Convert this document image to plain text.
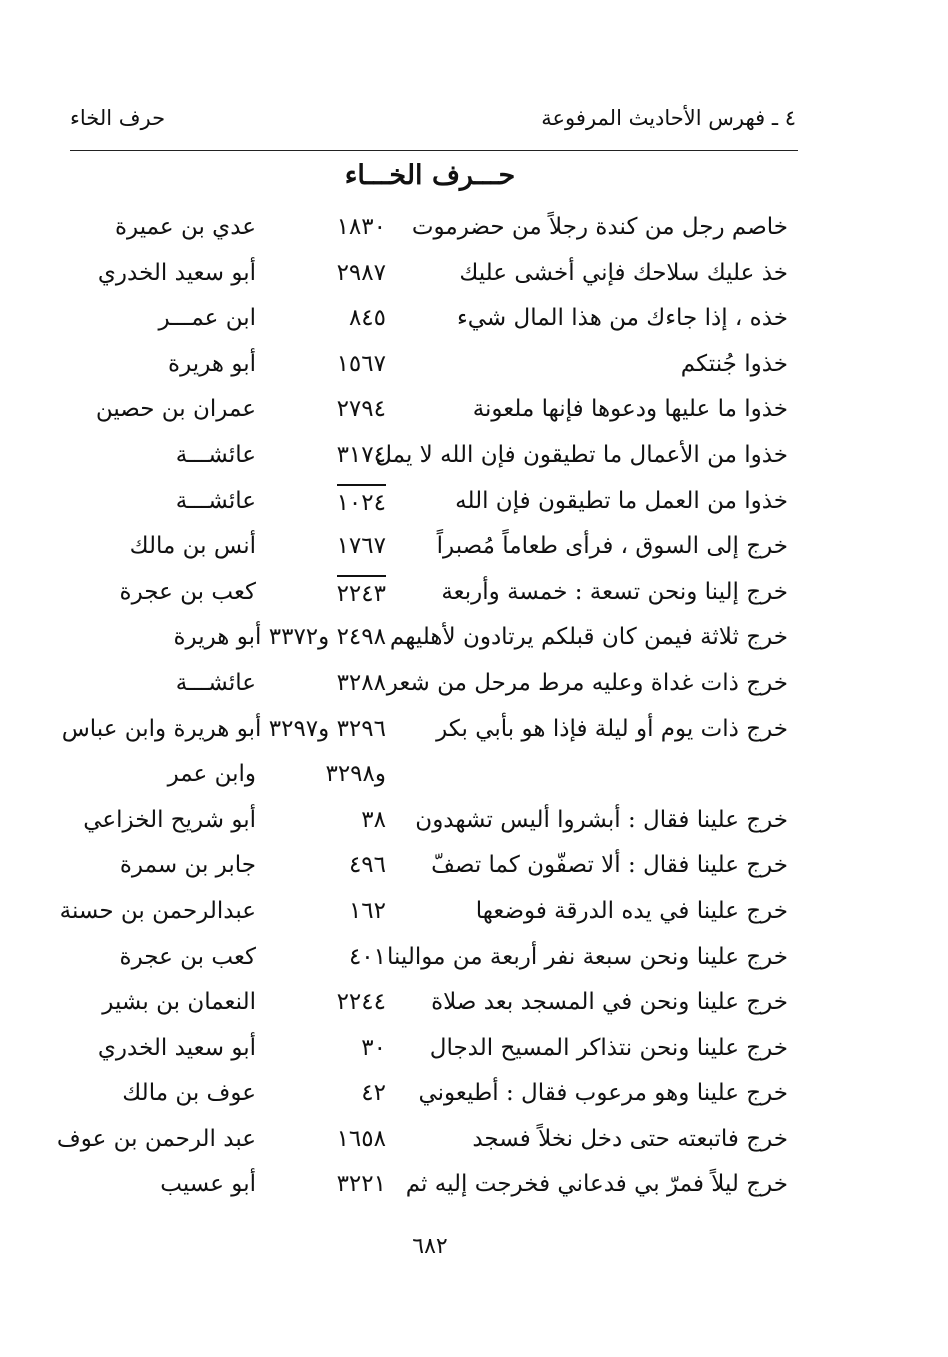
٤ ـ فهرس الأحاديث المرفوعة
حرف الخاء
حـــرف الخـــاء
خاصم رجل من كندة رجلاً من حضرموت
١٨٣٠
عدي بن عميرة
خذ عليك سلاحك فإني أخشى عليك
٢٩٨٧
أبو سعيد الخدري
خذه ، إذا جاءك من هذا المال شيء
٨٤٥
ابن عمـــر
خذوا جُنتكم
١٥٦٧
أبو هريرة
خذوا ما عليها ودعوها فإنها ملعونة
٢٧٩٤
عمران بن حصين
خذوا من الأعمال ما تطيقون فإن الله لا يمل
٣١٧٤
عائشـــة
خذوا من العمل ما تطيقون فإن الله
١٠٢٤
عائشـــة
خرج إلى السوق ، فرأى طعاماً مُصبراً
١٧٦٧
أنس بن مالك
خرج إلينا ونحن تسعة : خمسة وأربعة
٢٢٤٣
كعب بن عجرة
خرج ثلاثة فيمن كان قبلكم يرتادون لأهليهم
٢٤٩٨ و٣٣٧٢ أبو هريرة
خرج ذات غداة وعليه مرط مرحل من شعر
٣٢٨٨
عائشـــة
خرج ذات يوم أو ليلة فإذا هو بأبي بكر
٣٢٩٦ و٣٢٩٧ أبو هريرة وابن عباس
و٣٢٩٨
وابن عمر
خرج علينا فقال : أبشروا أليس تشهدون
٣٨
أبو شريح الخزاعي
خرج علينا فقال : ألا تصفّون كما تصفّ
٤٩٦
جابر بن سمرة
خرج علينا في يده الدرقة فوضعها
١٦٢
عبدالرحمن بن حسنة
خرج علينا ونحن سبعة نفر أربعة من موالينا
٤٠١
كعب بن عجرة
خرج علينا ونحن في المسجد بعد صلاة
٢٢٤٤
النعمان بن بشير
خرج علينا ونحن نتذاكر المسيح الدجال
٣٠
أبو سعيد الخدري
خرج علينا وهو مرعوب فقال : أطيعوني
٤٢
عوف بن مالك
خرج فاتبعته حتى دخل نخلاً فسجد
١٦٥٨
عبد الرحمن بن عوف
خرج ليلاً فمرّ بي فدعاني فخرجت إليه ثم
٣٢٢١
أبو عسيب
٦٨٢
